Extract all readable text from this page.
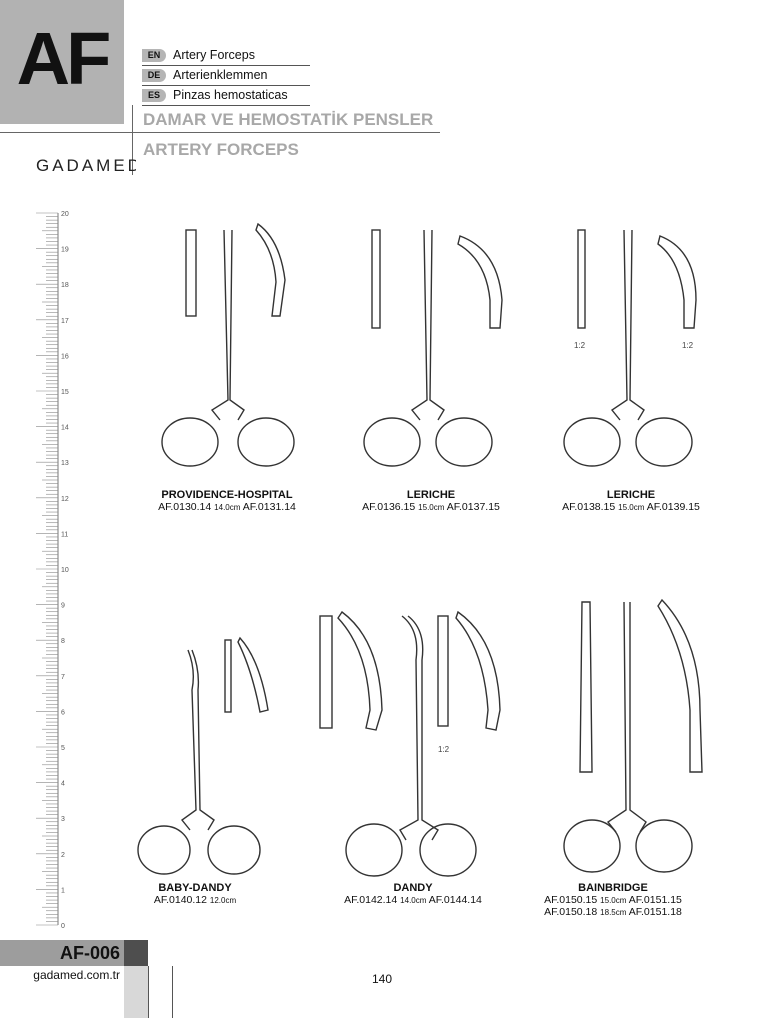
AF	EN	Artery Forceps
DE	Arterienklemmen
ES	Pinzas hemostaticas
DAMAR VE HEMOSTATİK PENSLER
ARTERY FORCEPS
GADAMED
20
19
18
17
16
15
14
13
12
11
10
9
8
7
6
5
4
3
2
1
0
1:2	1:2
1:2
PROVIDENCE-HOSPITAL
AF.0130.14 14.0cm AF.0131.14
LERICHE
AF.0136.15 15.0cm AF.0137.15
LERICHE
AF.0138.15 15.0cm AF.0139.15
BABY-DANDY
AF.0140.12 12.0cm
DANDY
AF.0142.14 14.0cm AF.0144.14
BAINBRIDGE
AF.0150.15 15.0cm AF.0151.15
AF.0150.18 18.5cm AF.0151.18
AF-006
gadamed.com.tr	140
